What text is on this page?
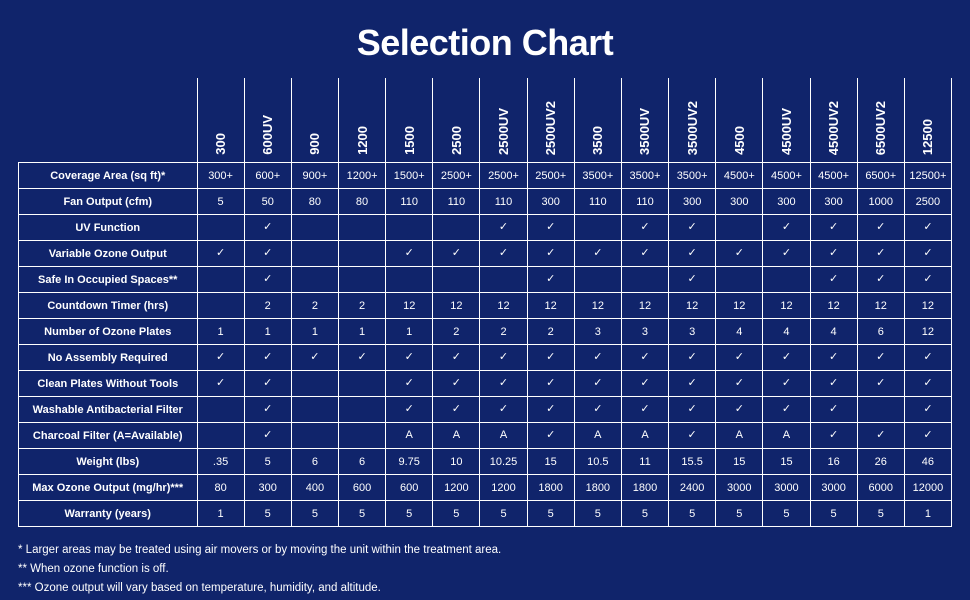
Selection Chart
	300	600UV	900	1200	1500	2500	2500UV	2500UV2	3500	3500UV	3500UV2	4500	4500UV	4500UV2	6500UV2	12500
Coverage Area (sq ft)*	300+	600+	900+	1200+	1500+	2500+	2500+	2500+	3500+	3500+	3500+	4500+	4500+	4500+	6500+	12500+
Fan Output (cfm)	5	50	80	80	110	110	110	300	110	110	300	300	300	300	1000	2500
UV Function		✓					✓	✓		✓	✓		✓	✓	✓	✓
Variable Ozone Output	✓	✓			✓	✓	✓	✓	✓	✓	✓	✓	✓	✓	✓	✓
Safe In Occupied Spaces**		✓						✓			✓			✓	✓	✓
Countdown Timer (hrs)		2	2	2	12	12	12	12	12	12	12	12	12	12	12	12
Number of Ozone Plates	1	1	1	1	1	2	2	2	3	3	3	4	4	4	6	12
No Assembly Required	✓	✓	✓	✓	✓	✓	✓	✓	✓	✓	✓	✓	✓	✓	✓	✓
Clean Plates Without Tools	✓	✓			✓	✓	✓	✓	✓	✓	✓	✓	✓	✓	✓	✓
Washable Antibacterial Filter		✓			✓	✓	✓	✓	✓	✓	✓	✓	✓	✓		✓
Charcoal Filter (A=Available)		✓			A	A	A	✓	A	A	✓	A	A	✓	✓	✓
Weight (lbs)	.35	5	6	6	9.75	10	10.25	15	10.5	11	15.5	15	15	16	26	46
Max Ozone Output (mg/hr)***	80	300	400	600	600	1200	1200	1800	1800	1800	2400	3000	3000	3000	6000	12000
Warranty (years)	1	5	5	5	5	5	5	5	5	5	5	5	5	5	5	1
* Larger areas may be treated using air movers or by moving the unit within the treatment area.
** When ozone function is off.
*** Ozone output will vary based on temperature, humidity, and altitude.
